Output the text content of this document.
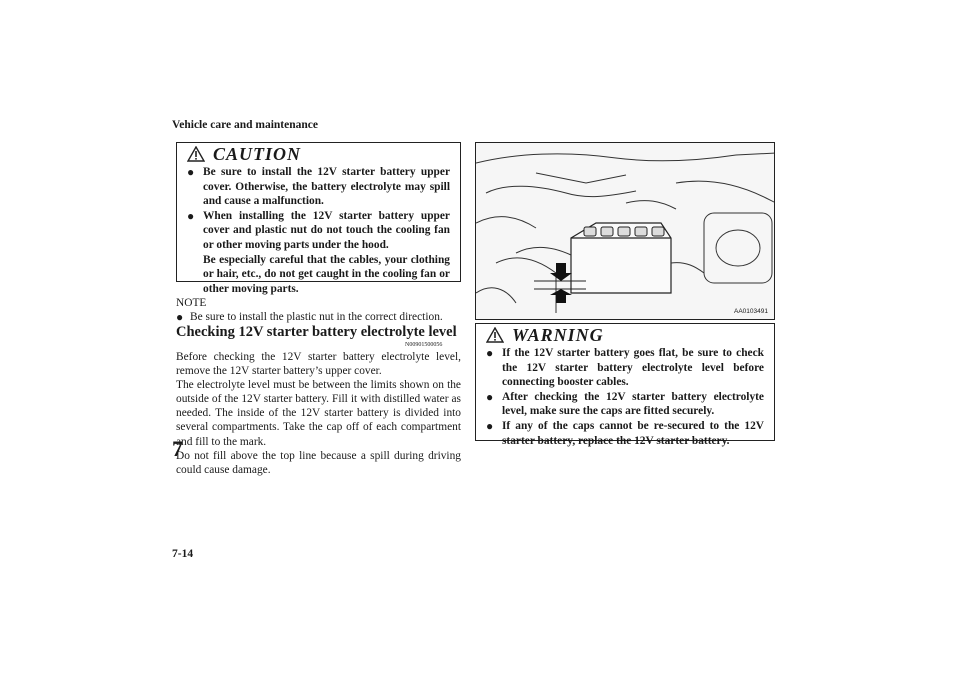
Vehicle care and maintenance
CAUTION
● Be sure to install the 12V starter battery upper cover. Otherwise, the battery electrolyte may spill and cause a malfunction.
● When installing the 12V starter battery upper cover and plastic nut do not touch the cooling fan or other moving parts under the hood.
Be especially careful that the cables, your clothing or hair, etc., do not get caught in the cooling fan or other moving parts.
NOTE
● Be sure to install the plastic nut in the correct direction.
Checking 12V starter battery electrolyte level
N00901500056

Before checking the 12V starter battery electrolyte level, remove the 12V starter battery’s upper cover.

The electrolyte level must be between the limits shown on the outside of the 12V starter battery. Fill it with distilled water as needed. The inside of the 12V starter battery is divided into several compartments. Take the cap off of each compartment and fill to the mark.

Do not fill above the top line because a spill during driving could cause damage.

7
7-14
AA0103491
WARNING
● If the 12V starter battery goes flat, be sure to check the 12V starter battery electrolyte level before connecting booster cables.
● After checking the 12V starter battery electrolyte level, make sure the caps are fitted securely.
● If any of the caps cannot be re-secured to the 12V starter battery, replace the 12V starter battery.
